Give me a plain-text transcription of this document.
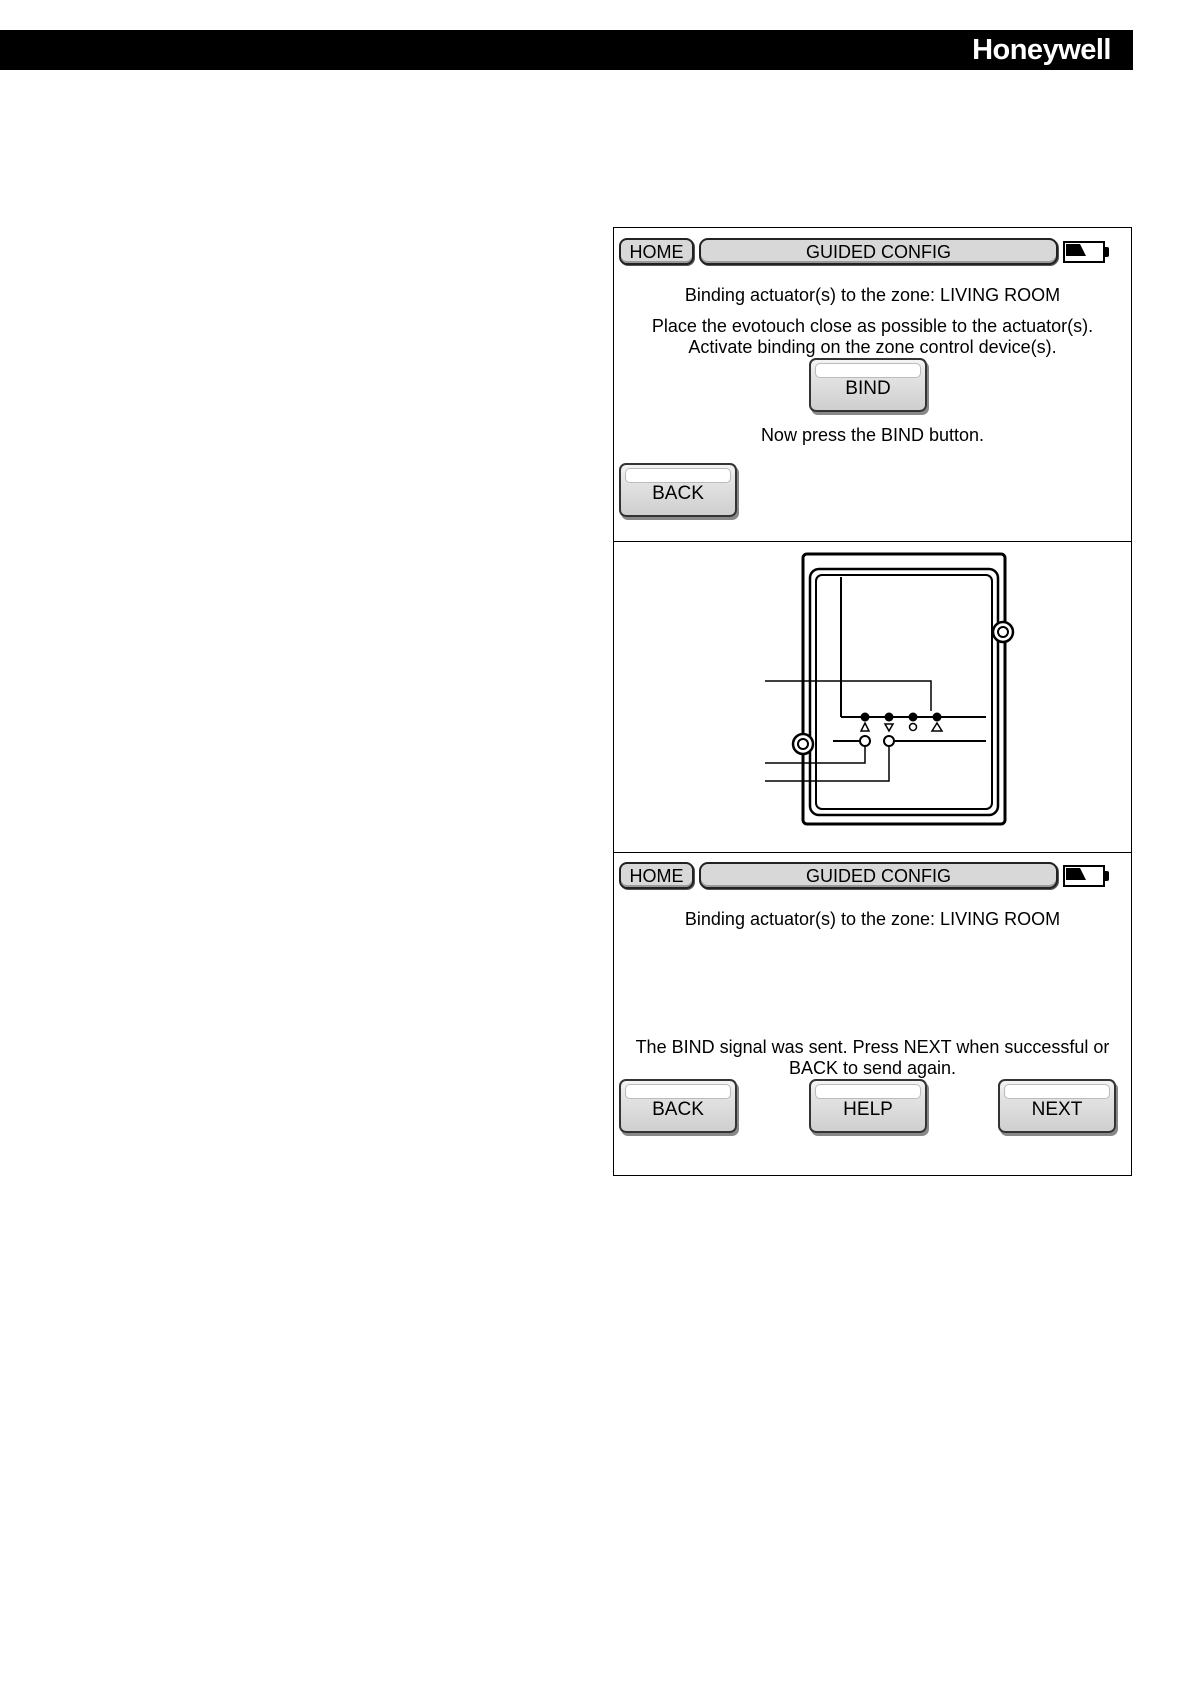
Honeywell
HOME	GUIDED CONFIG
Binding actuator(s) to the zone: LIVING ROOM
Place the evotouch close as possible to the actuator(s).
Activate binding on the zone control device(s).
BIND
Now press the BIND button.
BACK
HOME	GUIDED CONFIG
Binding actuator(s) to the zone: LIVING ROOM
The BIND signal was sent. Press NEXT when successful or
BACK to send again.
BACK	HELP	NEXT
